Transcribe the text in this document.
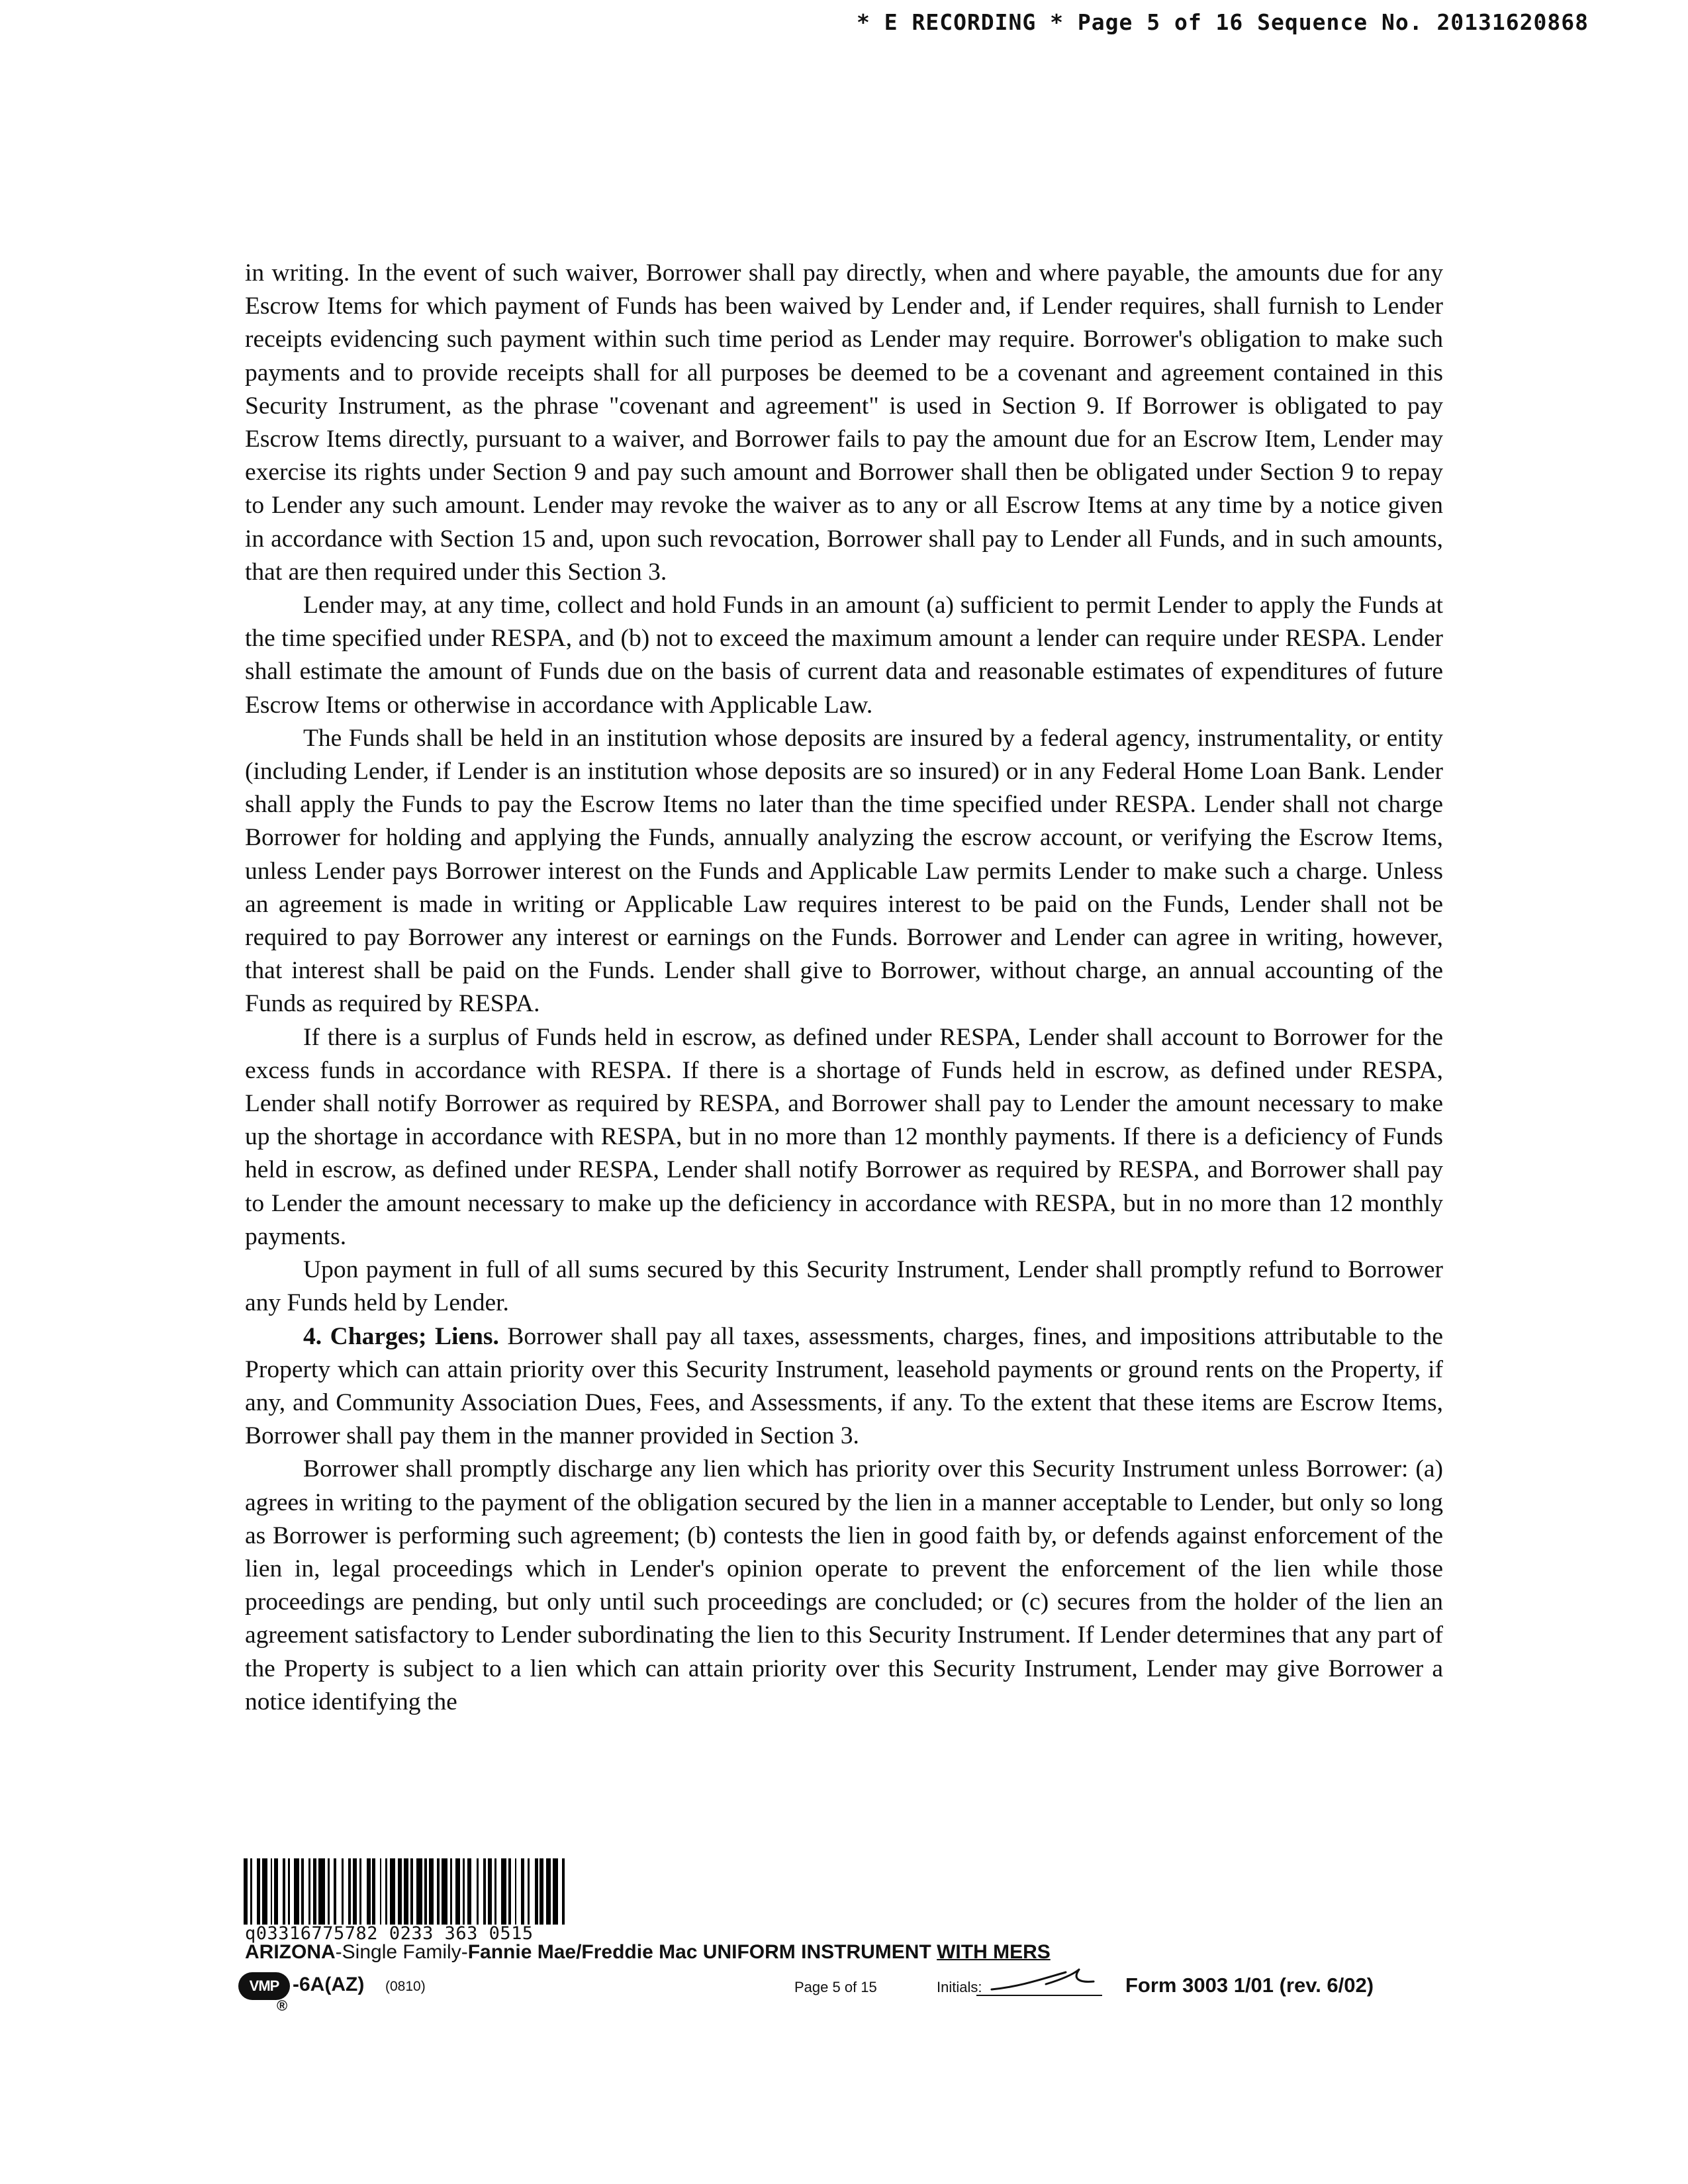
* E RECORDING * Page 5 of 16 Sequence No. 20131620868

in writing. In the event of such waiver, Borrower shall pay directly, when and where payable, the amounts due for any Escrow Items for which payment of Funds has been waived by Lender and, if Lender requires, shall furnish to Lender receipts evidencing such payment within such time period as Lender may require. Borrower's obligation to make such payments and to provide receipts shall for all purposes be deemed to be a covenant and agreement contained in this Security Instrument, as the phrase "covenant and agreement" is used in Section 9. If Borrower is obligated to pay Escrow Items directly, pursuant to a waiver, and Borrower fails to pay the amount due for an Escrow Item, Lender may exercise its rights under Section 9 and pay such amount and Borrower shall then be obligated under Section 9 to repay to Lender any such amount. Lender may revoke the waiver as to any or all Escrow Items at any time by a notice given in accordance with Section 15 and, upon such revocation, Borrower shall pay to Lender all Funds, and in such amounts, that are then required under this Section 3.

Lender may, at any time, collect and hold Funds in an amount (a) sufficient to permit Lender to apply the Funds at the time specified under RESPA, and (b) not to exceed the maximum amount a lender can require under RESPA. Lender shall estimate the amount of Funds due on the basis of current data and reasonable estimates of expenditures of future Escrow Items or otherwise in accordance with Applicable Law.

The Funds shall be held in an institution whose deposits are insured by a federal agency, instrumentality, or entity (including Lender, if Lender is an institution whose deposits are so insured) or in any Federal Home Loan Bank. Lender shall apply the Funds to pay the Escrow Items no later than the time specified under RESPA. Lender shall not charge Borrower for holding and applying the Funds, annually analyzing the escrow account, or verifying the Escrow Items, unless Lender pays Borrower interest on the Funds and Applicable Law permits Lender to make such a charge. Unless an agreement is made in writing or Applicable Law requires interest to be paid on the Funds, Lender shall not be required to pay Borrower any interest or earnings on the Funds. Borrower and Lender can agree in writing, however, that interest shall be paid on the Funds. Lender shall give to Borrower, without charge, an annual accounting of the Funds as required by RESPA.

If there is a surplus of Funds held in escrow, as defined under RESPA, Lender shall account to Borrower for the excess funds in accordance with RESPA. If there is a shortage of Funds held in escrow, as defined under RESPA, Lender shall notify Borrower as required by RESPA, and Borrower shall pay to Lender the amount necessary to make up the shortage in accordance with RESPA, but in no more than 12 monthly payments. If there is a deficiency of Funds held in escrow, as defined under RESPA, Lender shall notify Borrower as required by RESPA, and Borrower shall pay to Lender the amount necessary to make up the deficiency in accordance with RESPA, but in no more than 12 monthly payments.

Upon payment in full of all sums secured by this Security Instrument, Lender shall promptly refund to Borrower any Funds held by Lender.

4. Charges; Liens. Borrower shall pay all taxes, assessments, charges, fines, and impositions attributable to the Property which can attain priority over this Security Instrument, leasehold payments or ground rents on the Property, if any, and Community Association Dues, Fees, and Assessments, if any. To the extent that these items are Escrow Items, Borrower shall pay them in the manner provided in Section 3.

Borrower shall promptly discharge any lien which has priority over this Security Instrument unless Borrower: (a) agrees in writing to the payment of the obligation secured by the lien in a manner acceptable to Lender, but only so long as Borrower is performing such agreement; (b) contests the lien in good faith by, or defends against enforcement of the lien in, legal proceedings which in Lender's opinion operate to prevent the enforcement of the lien while those proceedings are pending, but only until such proceedings are concluded; or (c) secures from the holder of the lien an agreement satisfactory to Lender subordinating the lien to this Security Instrument. If Lender determines that any part of the Property is subject to a lien which can attain priority over this Security Instrument, Lender may give Borrower a notice identifying the

q03316775782 0233 363 0515
ARIZONA-Single Family-Fannie Mae/Freddie Mac UNIFORM INSTRUMENT WITH MERS
VMP
®
-6A(AZ) (0810)	Page 5 of 15	Initials:	Form 3003 1/01 (rev. 6/02)
